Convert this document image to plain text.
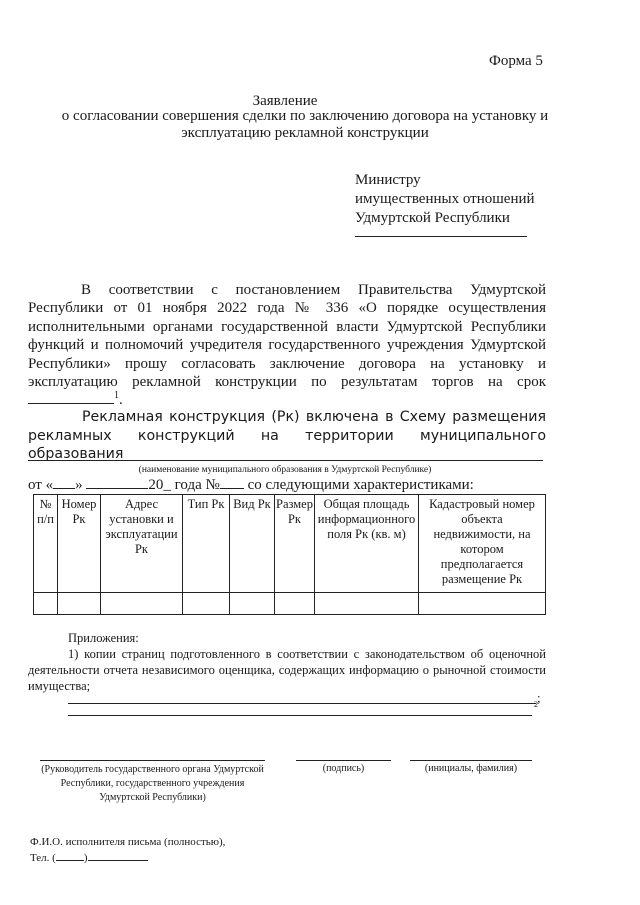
Форма 5
Заявление
о согласовании совершения сделки по заключению договора на установку и эксплуатацию рекламной конструкции
Министру
имущественных отношений
Удмуртской Республики
В соответствии с постановлением Правительства Удмуртской Республики от 01 ноября 2022 года № 336 «О порядке осуществления исполнительными органами государственной власти Удмуртской Республики функций и полномочий учредителя государственного учреждения Удмуртской Республики» прошу согласовать заключение договора на установку и эксплуатацию рекламной конструкции по результатам торгов на срок $^1$.
Рекламная конструкция (Рк) включена в Схему размещения рекламных конструкций на территории муниципального образования
(наименование муниципального образования в Удмуртской Республике)
от « »	20_ года № со следующими характеристиками:
№ п/п	Номер Рк	Адрес установки и эксплуатации Рк	Тип Рк	Вид Рк	Размер Рк	Общая площадь информационного поля Рк (кв. м)	Кадастровый номер объекта недвижимости, на котором предполагается размещение Рк

Приложения:
1) копии страниц подготовленного в соответствии с законодательством об оценочной деятельности отчета независимого оценщика, содержащих информацию о рыночной стоимости имущества;
;
2
(Руководитель государственного органа Удмуртской Республики, государственного учреждения Удмуртской Республики)
(подпись)	(инициалы, фамилия)
Ф.И.О. исполнителя письма (полностью),
Тел. (	)
